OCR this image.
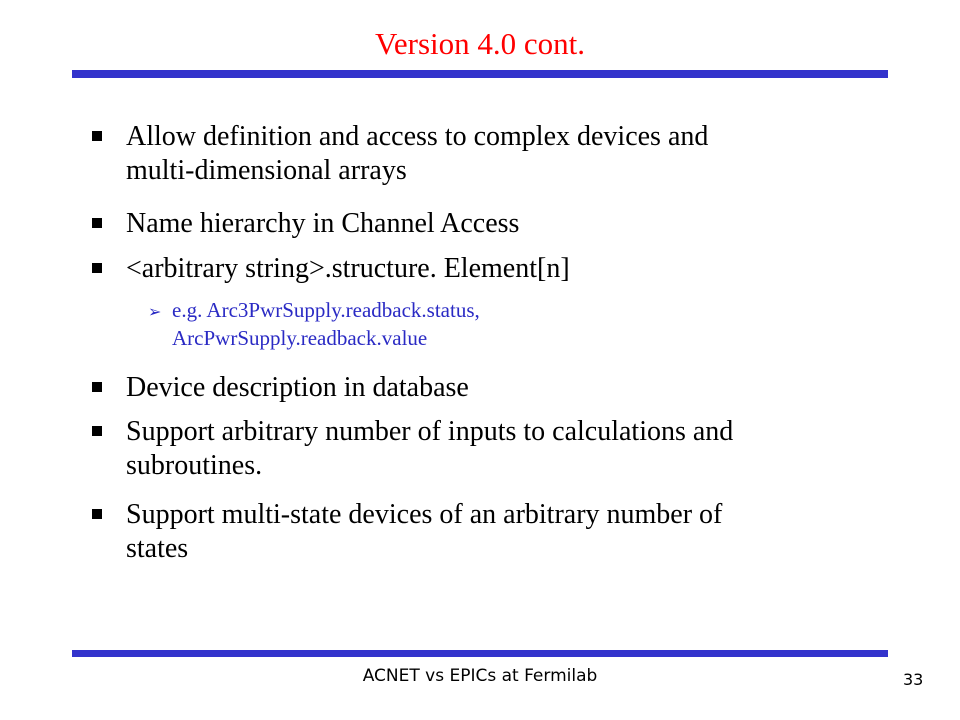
Version 4.0 cont.
Allow definition and access to complex devices and
multi-dimensional arrays
Name hierarchy in Channel Access
<arbitrary string>.structure. Element[n]
➢ e.g. Arc3PwrSupply.readback.status,
ArcPwrSupply.readback.value
Device description in database
Support arbitrary number of inputs to calculations and
subroutines.
Support multi-state devices of an arbitrary number of
states
ACNET vs EPICs at Fermilab	33
